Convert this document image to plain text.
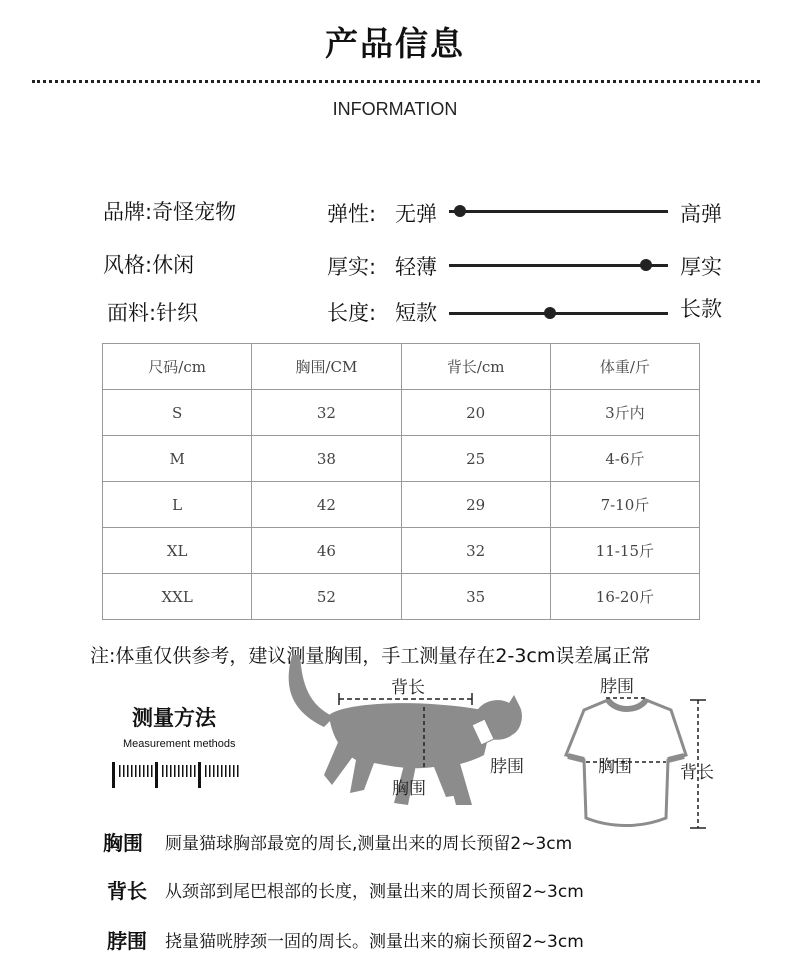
产品信息
INFORMATION
品牌:奇怪宠物
风格:休闲
面料:针织
弹性: 无弹	高弹
厚实: 轻薄	厚实
长度: 短款	长款
尺码/cm	胸围/CM	背长/cm	体重/斤
S	32	20	3斤内
M	38	25	4-6斤
L	42	29	7-10斤
XL	46	32	11-15斤
XXL	52	35	16-20斤
注:体重仅供参考，建议测量胸围，手工测量存在2-3cm误差属正常
测量方法
Measurement methods
背长
胸围
脖围
脖围
胸围	背长
胸围 厕量猫球胸部最宽的周长,测量出来的周长预留2~3cm
背长 从颈部到尾巴根部的长度，测量出来的周长预留2~3cm
脖围 挠量猫咣脖颈一固的周长。测量出来的痫长预留2~3cm
